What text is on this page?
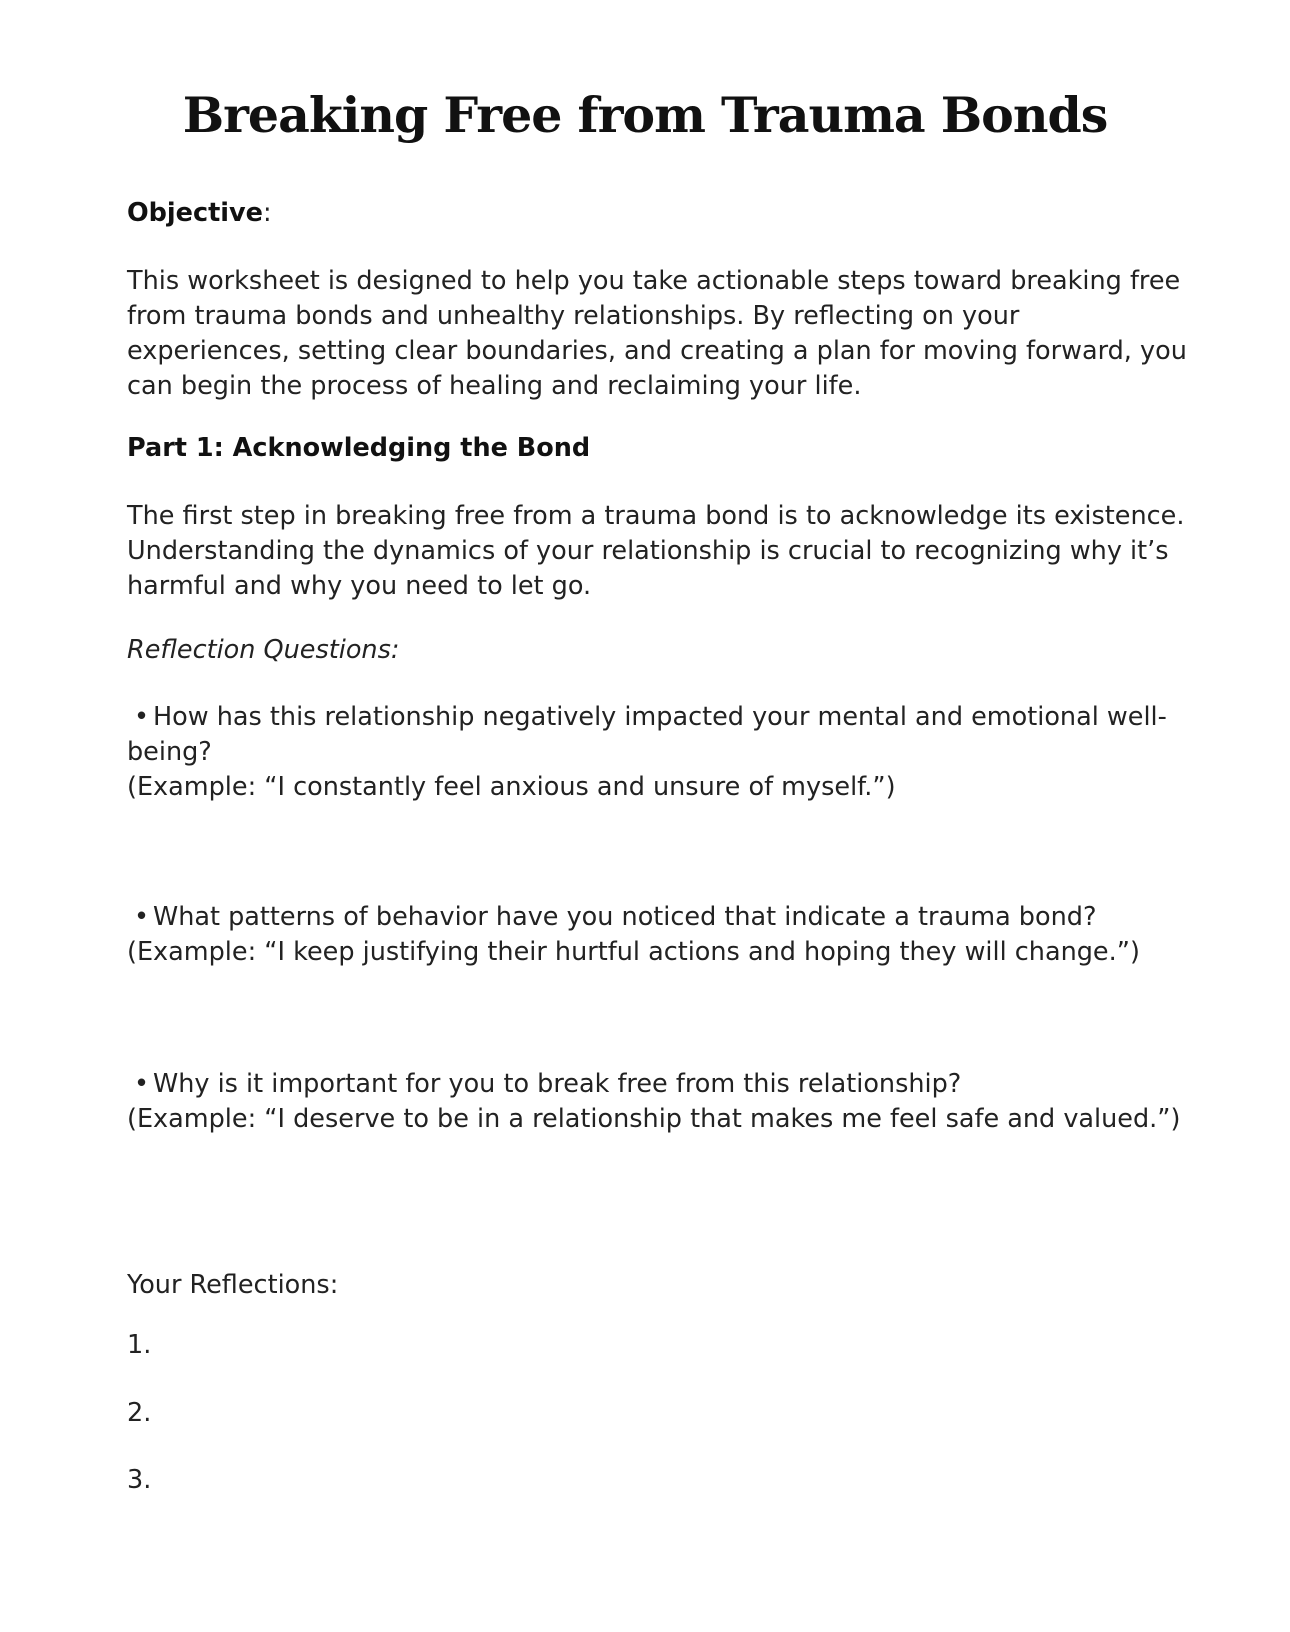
Breaking Free from Trauma Bonds

Objective:

This worksheet is designed to help you take actionable steps toward breaking free from trauma bonds and unhealthy relationships. By reflecting on your experiences, setting clear boundaries, and creating a plan for moving forward, you can begin the process of healing and reclaiming your life.

Part 1: Acknowledging the Bond

The first step in breaking free from a trauma bond is to acknowledge its existence. Understanding the dynamics of your relationship is crucial to recognizing why it’s harmful and why you need to let go.

Reflection Questions:

• How has this relationship negatively impacted your mental and emotional well-being?
(Example: “I constantly feel anxious and unsure of myself.”)
• What patterns of behavior have you noticed that indicate a trauma bond?
(Example: “I keep justifying their hurtful actions and hoping they will change.”)
• Why is it important for you to break free from this relationship?
(Example: “I deserve to be in a relationship that makes me feel safe and valued.”)

Your Reflections:

1.
2.
3.
